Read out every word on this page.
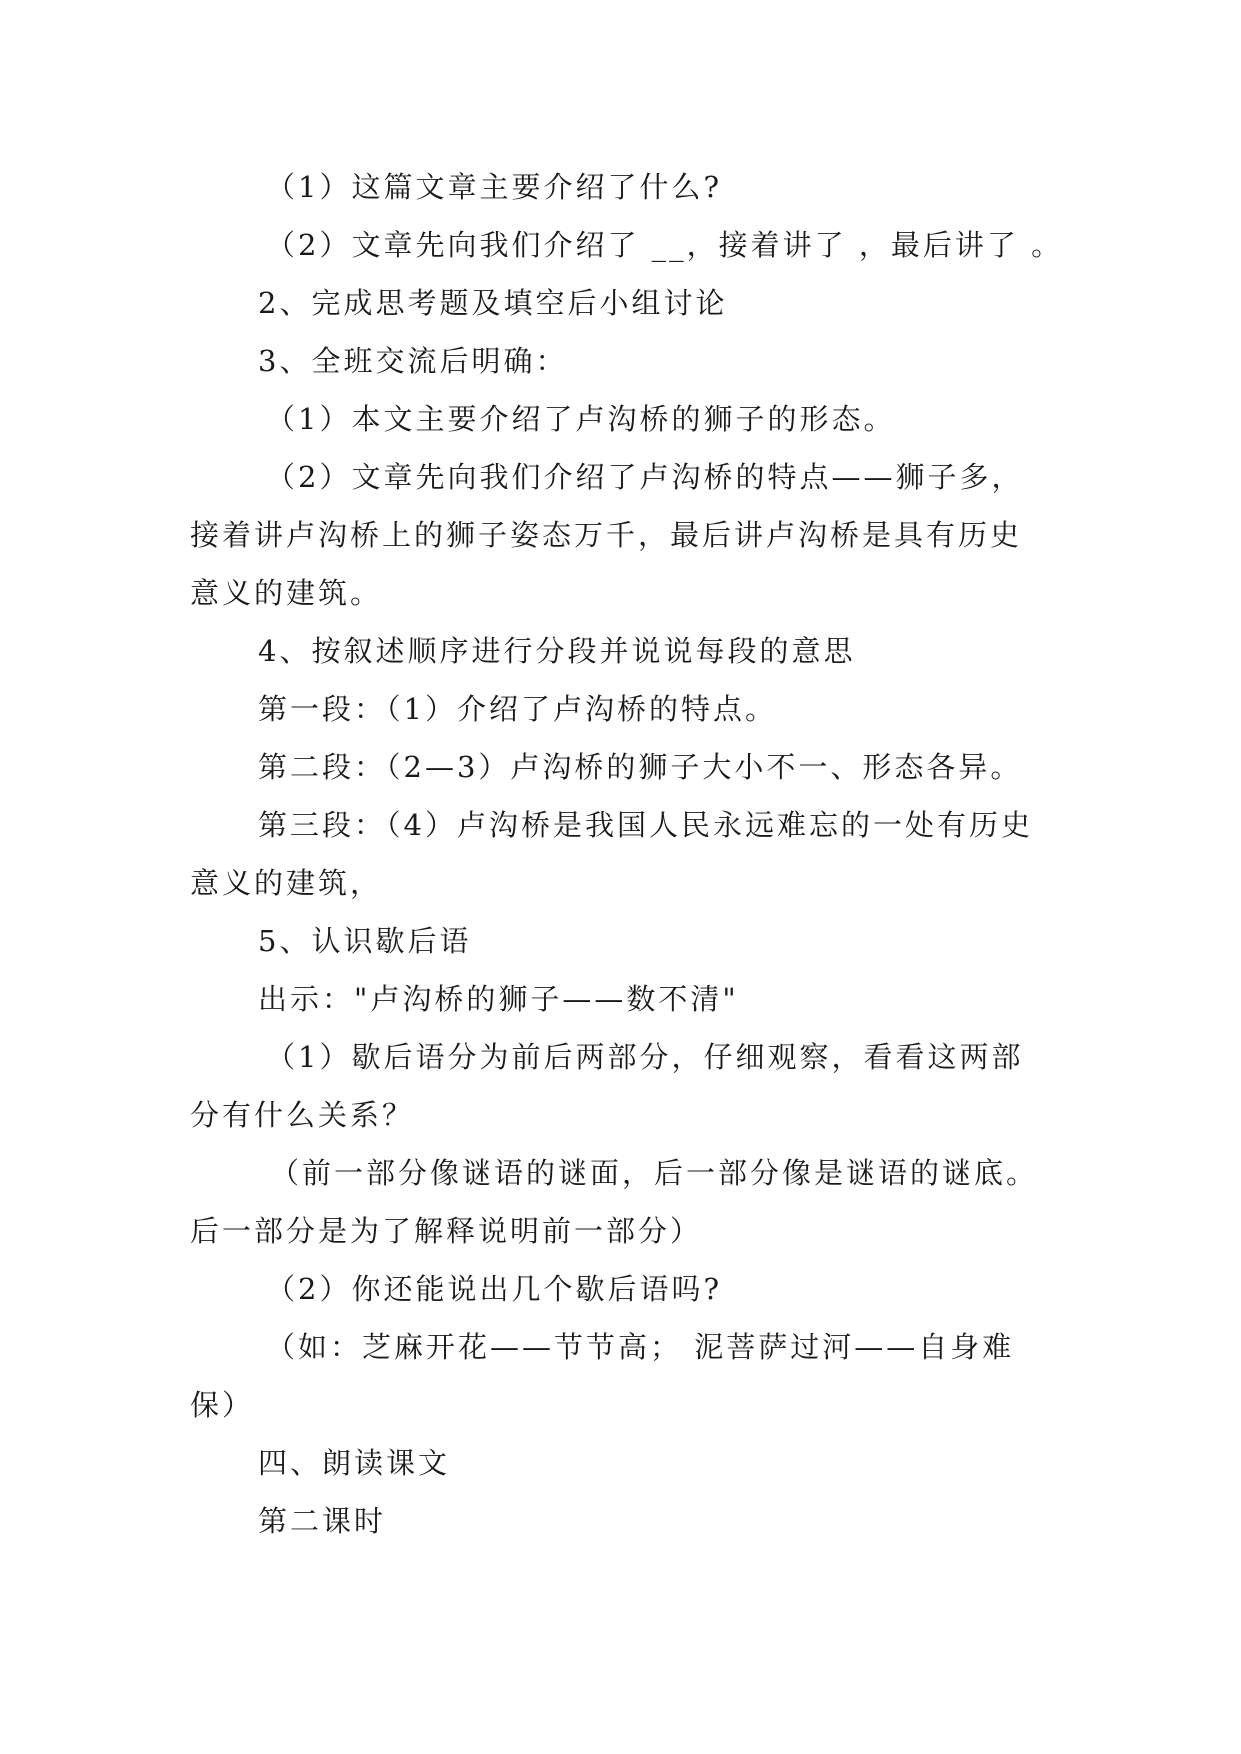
（1）这篇文章主要介绍了什么?
（2）文章先向我们介绍了 __，接着讲了 ，最后讲了 。
2、完成思考题及填空后小组讨论
3、全班交流后明确：
（1）本文主要介绍了卢沟桥的狮子的形态。
（2）文章先向我们介绍了卢沟桥的特点——狮子多，
接着讲卢沟桥上的狮子姿态万千，最后讲卢沟桥是具有历史
意义的建筑。
4、按叙述顺序进行分段并说说每段的意思
第一段：（1）介绍了卢沟桥的特点。
第二段：（2—3）卢沟桥的狮子大小不一、形态各异。
第三段：（4）卢沟桥是我国人民永远难忘的一处有历史
意义的建筑，
5、认识歇后语
出示："卢沟桥的狮子——数不清"
（1）歇后语分为前后两部分，仔细观察，看看这两部
分有什么关系？
（前一部分像谜语的谜面，后一部分像是谜语的谜底。
后一部分是为了解释说明前一部分）
（2）你还能说出几个歇后语吗?
（如：芝麻开花——节节高； 泥菩萨过河——自身难
保）
四、朗读课文
第二课时
